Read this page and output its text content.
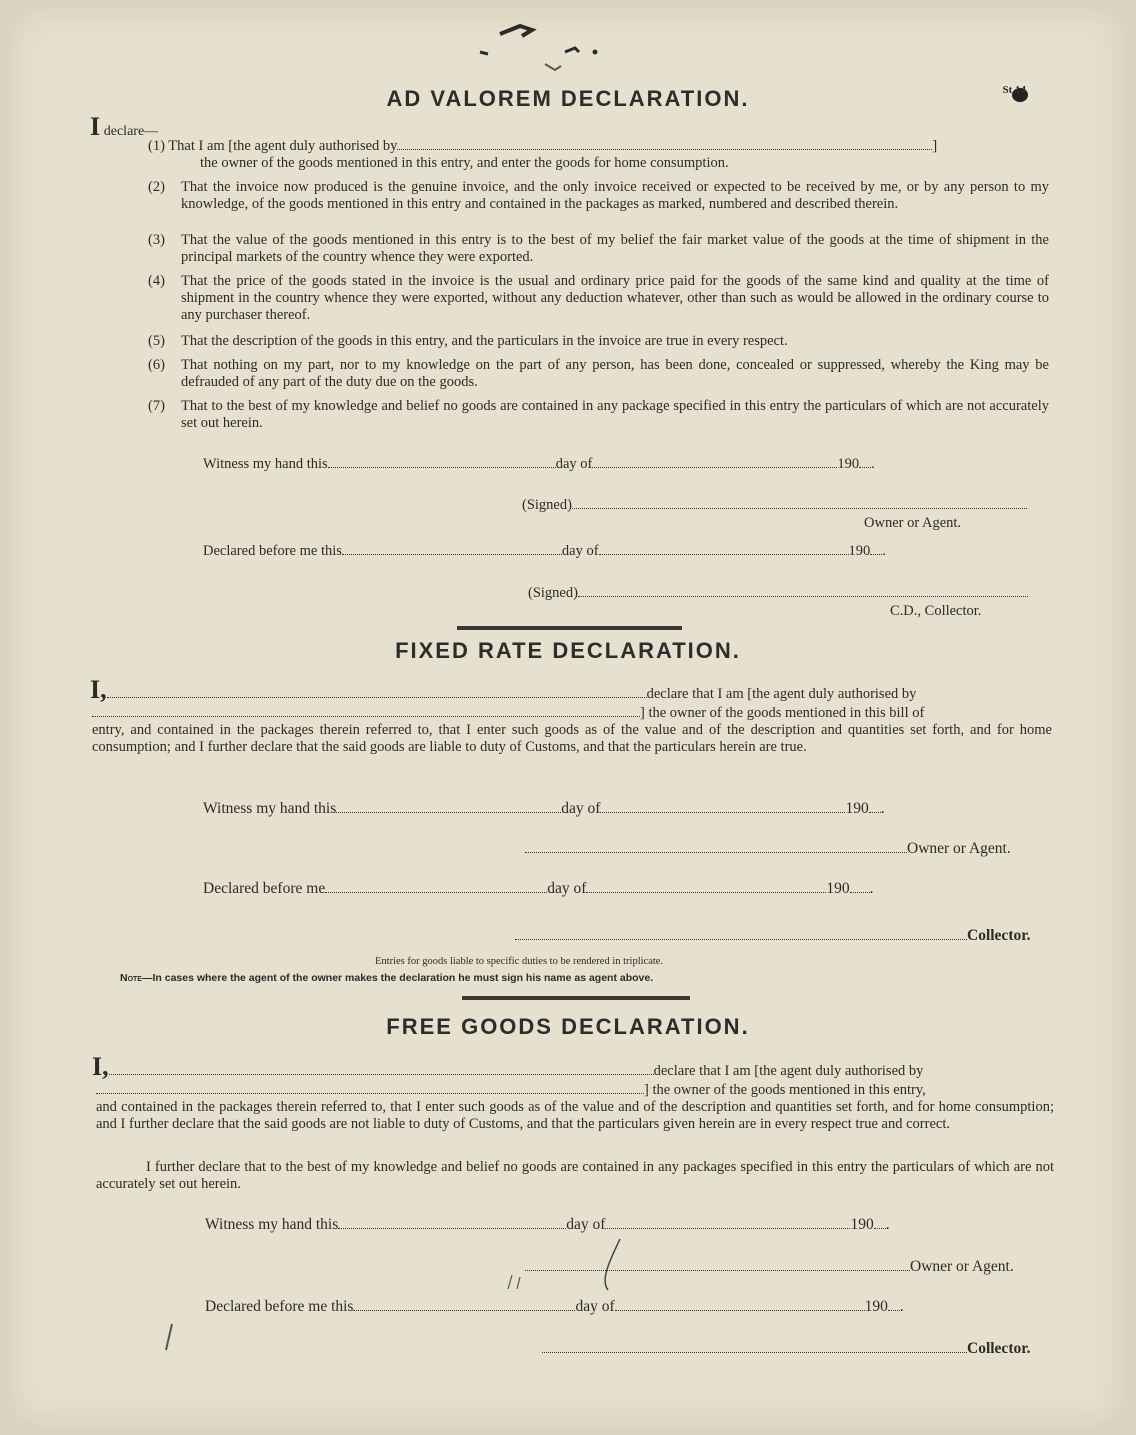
St 14
AD VALOREM DECLARATION.
I declare—
(1) That I am [the agent duly authorised by	]
the owner of the goods mentioned in this entry, and enter the goods for home consumption.
(2) That the invoice now produced is the genuine invoice, and the only invoice received or expected to be received by me, or by any person to my knowledge, of the goods mentioned in this entry and contained in the packages as marked, numbered and described therein.
(3) That the value of the goods mentioned in this entry is to the best of my belief the fair market value of the goods at the time of shipment in the principal markets of the country whence they were exported.
(4) That the price of the goods stated in the invoice is the usual and ordinary price paid for the goods of the same kind and quality at the time of shipment in the country whence they were exported, without any deduction whatever, other than such as would be allowed in the ordinary course to any purchaser thereof.
(5) That the description of the goods in this entry, and the particulars in the invoice are true in every respect.
(6) That nothing on my part, nor to my knowledge on the part of any person, has been done, concealed or suppressed, whereby the King may be defrauded of any part of the duty due on the goods.
(7) That to the best of my knowledge and belief no goods are contained in any package specified in this entry the particulars of which are not accurately set out herein.
Witness my hand this	day of	190 .
(Signed)
Owner or Agent.
Declared before me this	day of	190 .
(Signed)
C.D., Collector.
FIXED RATE DECLARATION.
I,	declare that I am [the agent duly authorised by
] the owner of the goods mentioned in this bill of
entry, and contained in the packages therein referred to, that I enter such goods as of the value and of the description and quantities set forth, and for home consumption; and I further declare that the said goods are liable to duty of Customs, and that the particulars herein are true.
Witness my hand this	day of	190 .
Owner or Agent.
Declared before me	day of	190 .
Collector.
Entries for goods liable to specific duties to be rendered in triplicate.
Note—In cases where the agent of the owner makes the declaration he must sign his name as agent above.
FREE GOODS DECLARATION.
I,	declare that I am [the agent duly authorised by
] the owner of the goods mentioned in this entry,
and contained in the packages therein referred to, that I enter such goods as of the value and of the description and quantities set forth, and for home consumption; and I further declare that the said goods are not liable to duty of Customs, and that the particulars given herein are in every respect true and correct.
I further declare that to the best of my knowledge and belief no goods are contained in any packages specified in this entry the particulars of which are not accurately set out herein.
Witness my hand this	day of	190 .
Owner or Agent.
Declared before me this	day of	190 .
Collector.
